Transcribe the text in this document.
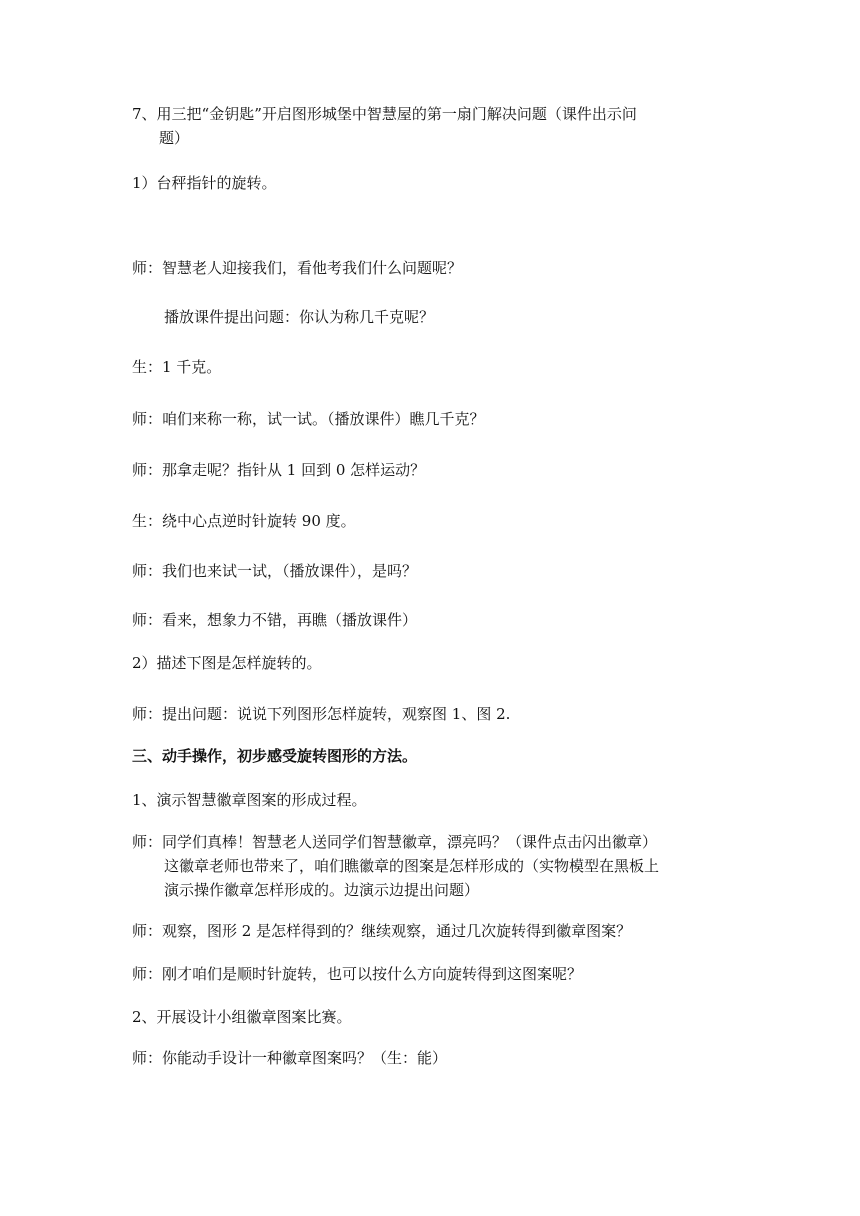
7、用三把“金钥匙”开启图形城堡中智慧屋的第一扇门解决问题（课件出示问

题）

1）台秤指针的旋转。

师：智慧老人迎接我们，看他考我们什么问题呢？

播放课件提出问题：你认为称几千克呢？

生：1 千克。

师：咱们来称一称，试一试。（播放课件）瞧几千克？

师：那拿走呢？指针从 1 回到 0 怎样运动？

生：绕中心点逆时针旋转 90 度。

师：我们也来试一试，（播放课件），是吗？

师：看来，想象力不错，再瞧（播放课件）

2）描述下图是怎样旋转的。

师：提出问题：说说下列图形怎样旋转，观察图 1、图 2.

三、动手操作，初步感受旋转图形的方法。

1、演示智慧徽章图案的形成过程。

师：同学们真棒！智慧老人送同学们智慧徽章，漂亮吗？（课件点击闪出徽章）

这徽章老师也带来了，咱们瞧徽章的图案是怎样形成的（实物模型在黑板上

演示操作徽章怎样形成的。边演示边提出问题）

师：观察，图形 2 是怎样得到的？继续观察，通过几次旋转得到徽章图案？

师：刚才咱们是顺时针旋转，也可以按什么方向旋转得到这图案呢？

2、开展设计小组徽章图案比赛。

师：你能动手设计一种徽章图案吗？（生：能）
